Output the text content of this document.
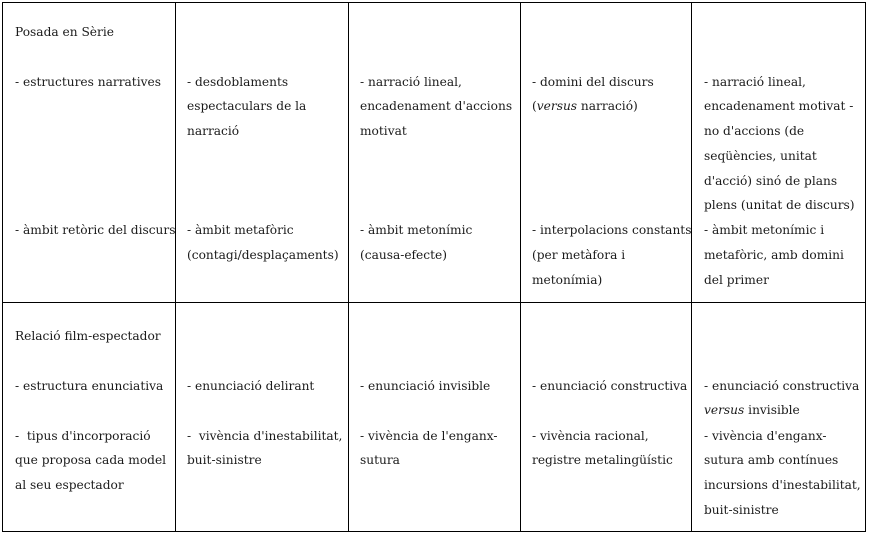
Posada en Sèrie
- estructures narratives
- àmbit retòric del discurs
- desdoblaments
espectaculars de la
narració
- àmbit metafòric
(contagi/desplaçaments)
- narració lineal,
encadenament d'accions
motivat
- àmbit metonímic
(causa-efecte)
- domini del discurs
(versus narració)
- interpolacions constants
(per metàfora i
metonímia)
- narració lineal,
encadenament motivat -
no d'accions (de
seqüències, unitat
d'acció) sinó de plans
plens (unitat de discurs)
- àmbit metonímic i
metafòric, amb domini
del primer
Relació film-espectador
- estructura enunciativa
-  tipus d'incorporació
que proposa cada model
al seu espectador
- enunciació delirant
-  vivència d'inestabilitat,
buit-sinistre
- enunciació invisible
- vivència de l'enganx-
sutura
- enunciació constructiva
- vivència racional,
registre metalingüístic
- enunciació constructiva
versus invisible
- vivència d'enganx-
sutura amb contínues
incursions d'inestabilitat,
buit-sinistre
